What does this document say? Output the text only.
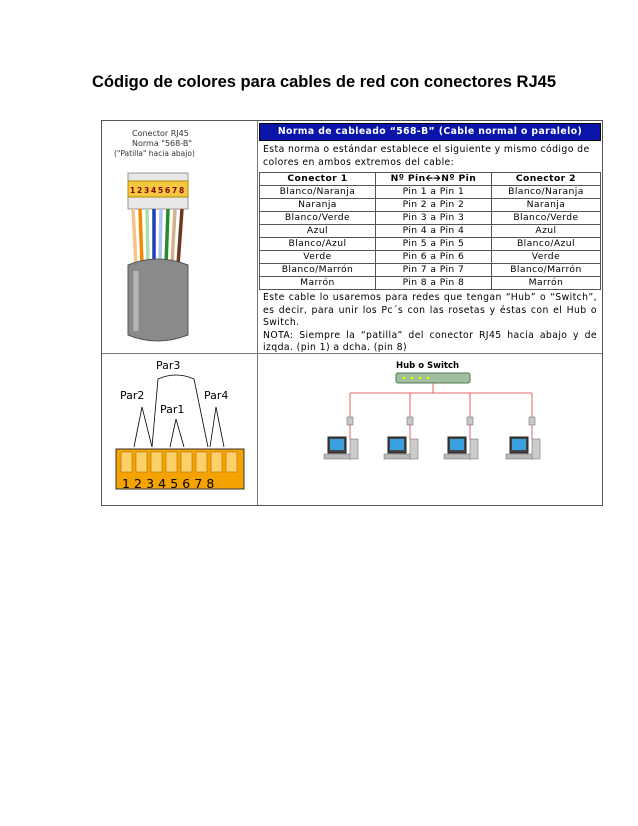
Código de colores para cables de red con conectores RJ45
Conector RJ45
Norma "568-B"
("Patilla" hacia abajo)
1 2 3 4 5 6 7 8
Norma de cableado “568-B” (Cable normal o paralelo)
Esta norma o estándar establece el siguiente y mismo código de colores en ambos extremos del cable:
Conector 1	Nº Pin🡨🡪Nº Pin	Conector 2
Blanco/Naranja	Pin 1 a Pin 1	Blanco/Naranja
Naranja	Pin 2 a Pin 2	Naranja
Blanco/Verde	Pin 3 a Pin 3	Blanco/Verde
Azul	Pin 4 a Pin 4	Azul
Blanco/Azul	Pin 5 a Pin 5	Blanco/Azul
Verde	Pin 6 a Pin 6	Verde
Blanco/Marrón	Pin 7 a Pin 7	Blanco/Marrón
Marrón	Pin 8 a Pin 8	Marrón
Este cable lo usaremos para redes que tengan “Hub” o “Switch”, es decir, para unir los Pc´s con las rosetas y éstas con el Hub o Switch.
NOTA: Siempre la “patilla” del conector RJ45 hacia abajo y de izqda. (pin 1) a dcha. (pin 8)
Par3
Par2
Par1
Par4
12345678
Hub o Switch
